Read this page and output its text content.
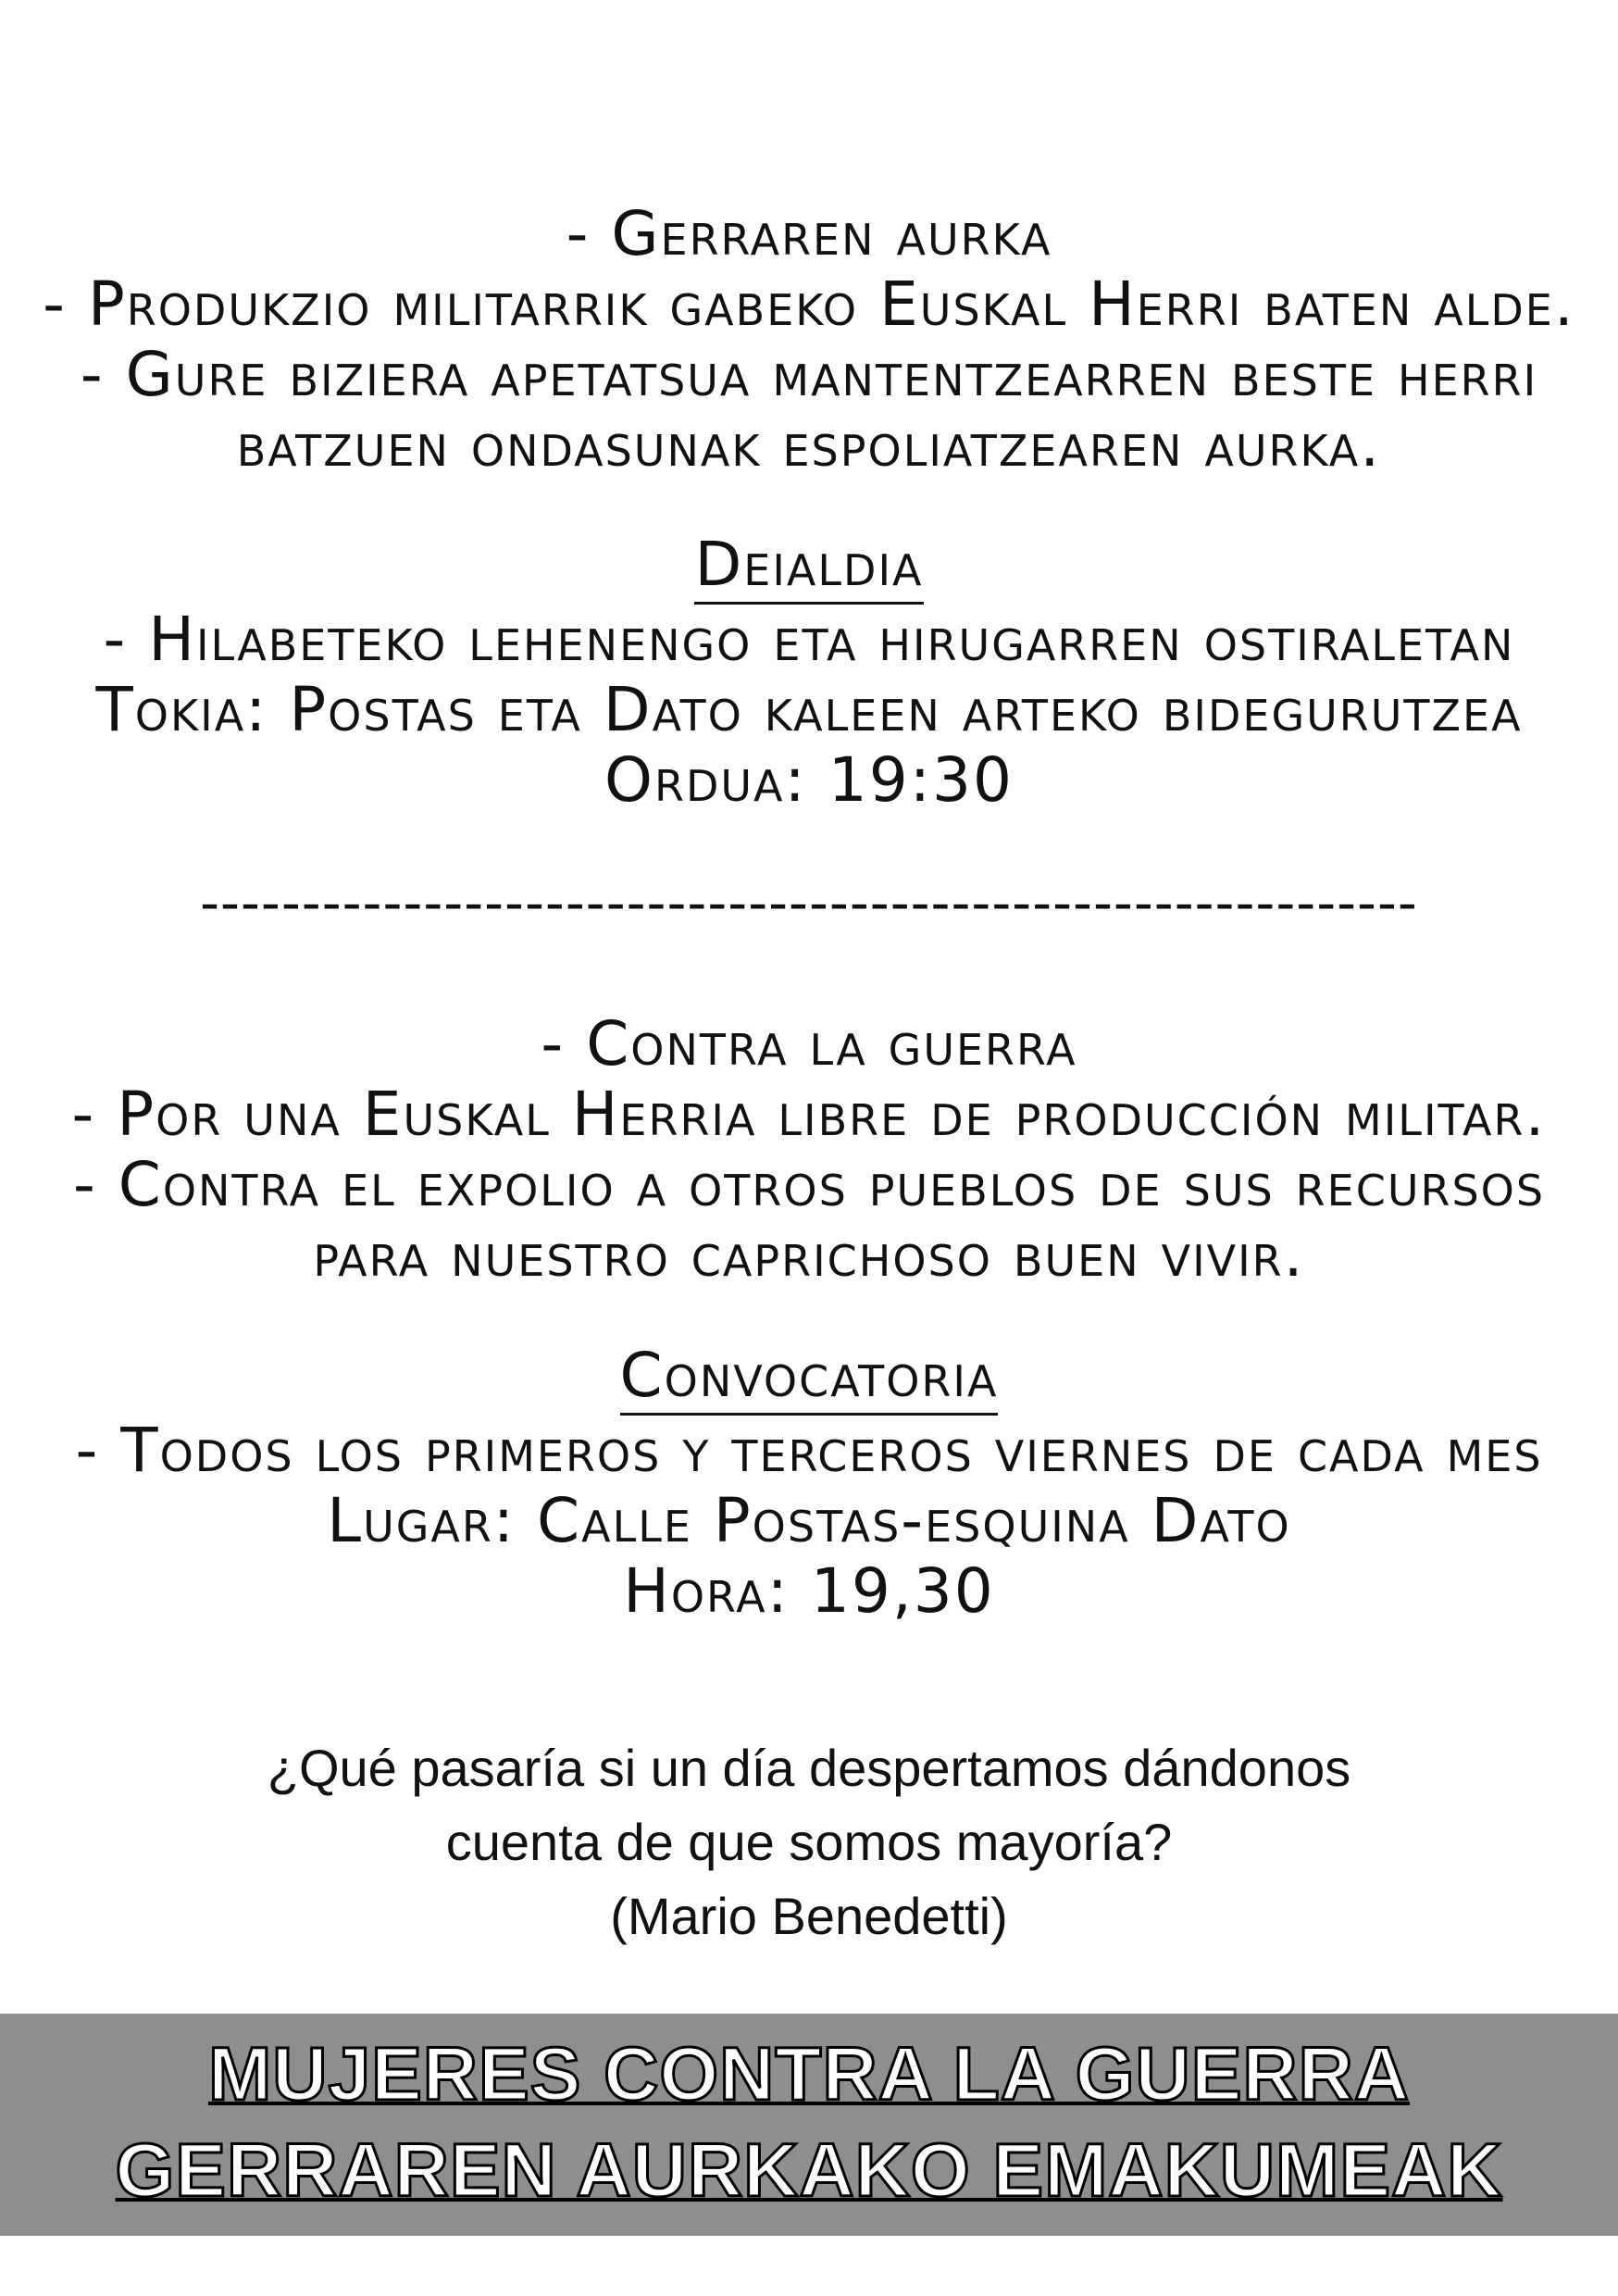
- Gerraren aurka

- Produkzio militarrik gabeko Euskal Herri baten alde.

- Gure biziera apetatsua mantentzearren beste herri

batzuen ondasunak espoliatzearen aurka.

Deialdia

- Hilabeteko lehenengo eta hirugarren ostiraletan

Tokia: Postas eta Dato kaleen arteko bidegurutzea

Ordua: 19:30

------------------------------------------------------------

- Contra la guerra

- Por una Euskal Herria libre de producción militar.

- Contra el expolio a otros pueblos de sus recursos

para nuestro caprichoso buen vivir.

Convocatoria

- Todos los primeros y terceros viernes de cada mes

Lugar: Calle Postas-esquina Dato

Hora: 19,30

¿Qué pasaría si un día despertamos dándonos
cuenta de que somos mayoría?
(Mario Benedetti)

MUJERES CONTRA LA GUERRA

GERRAREN AURKAKO EMAKUMEAK
